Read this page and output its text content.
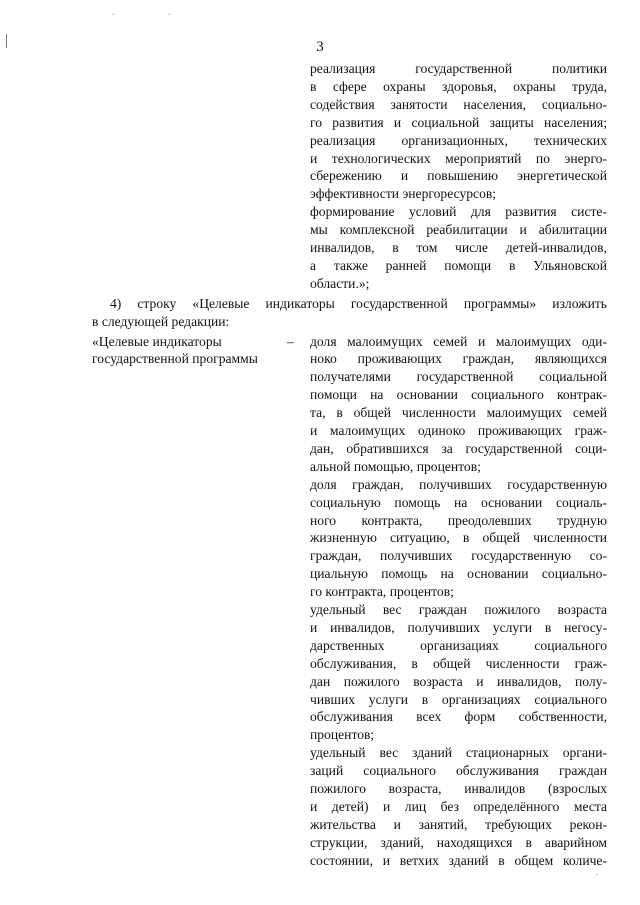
3
реализация государственной политики
в сфере охраны здоровья, охраны труда,
содействия занятости населения, социально-
го развития и социальной защиты населения;
реализация организационных, технических
и технологических мероприятий по энерго-
сбережению и повышению энергетической
эффективности энергоресурсов;
формирование условий для развития систе-
мы комплексной реабилитации и абилитации
инвалидов, в том числе детей-инвалидов,
а также ранней помощи в Ульяновской
области.»;
4) строку «Целевые индикаторы государственной программы» изложить
в следующей редакции:
«Целевые индикаторы
государственной программы
– доля малоимущих семей и малоимущих оди-
ноко проживающих граждан, являющихся
получателями государственной социальной
помощи на основании социального контрак-
та, в общей численности малоимущих семей
и малоимущих одиноко проживающих граж-
дан, обратившихся за государственной соци-
альной помощью, процентов;
доля граждан, получивших государственную
социальную помощь на основании социаль-
ного контракта, преодолевших трудную
жизненную ситуацию, в общей численности
граждан, получивших государственную со-
циальную помощь на основании социально-
го контракта, процентов;
удельный вес граждан пожилого возраста
и инвалидов, получивших услуги в негосу-
дарственных организациях социального
обслуживания, в общей численности граж-
дан пожилого возраста и инвалидов, полу-
чивших услуги в организациях социального
обслуживания всех форм собственности,
процентов;
удельный вес зданий стационарных органи-
заций социального обслуживания граждан
пожилого возраста, инвалидов (взрослых
и детей) и лиц без определённого места
жительства и занятий, требующих рекон-
струкции, зданий, находящихся в аварийном
состоянии, и ветхих зданий в общем количе-
